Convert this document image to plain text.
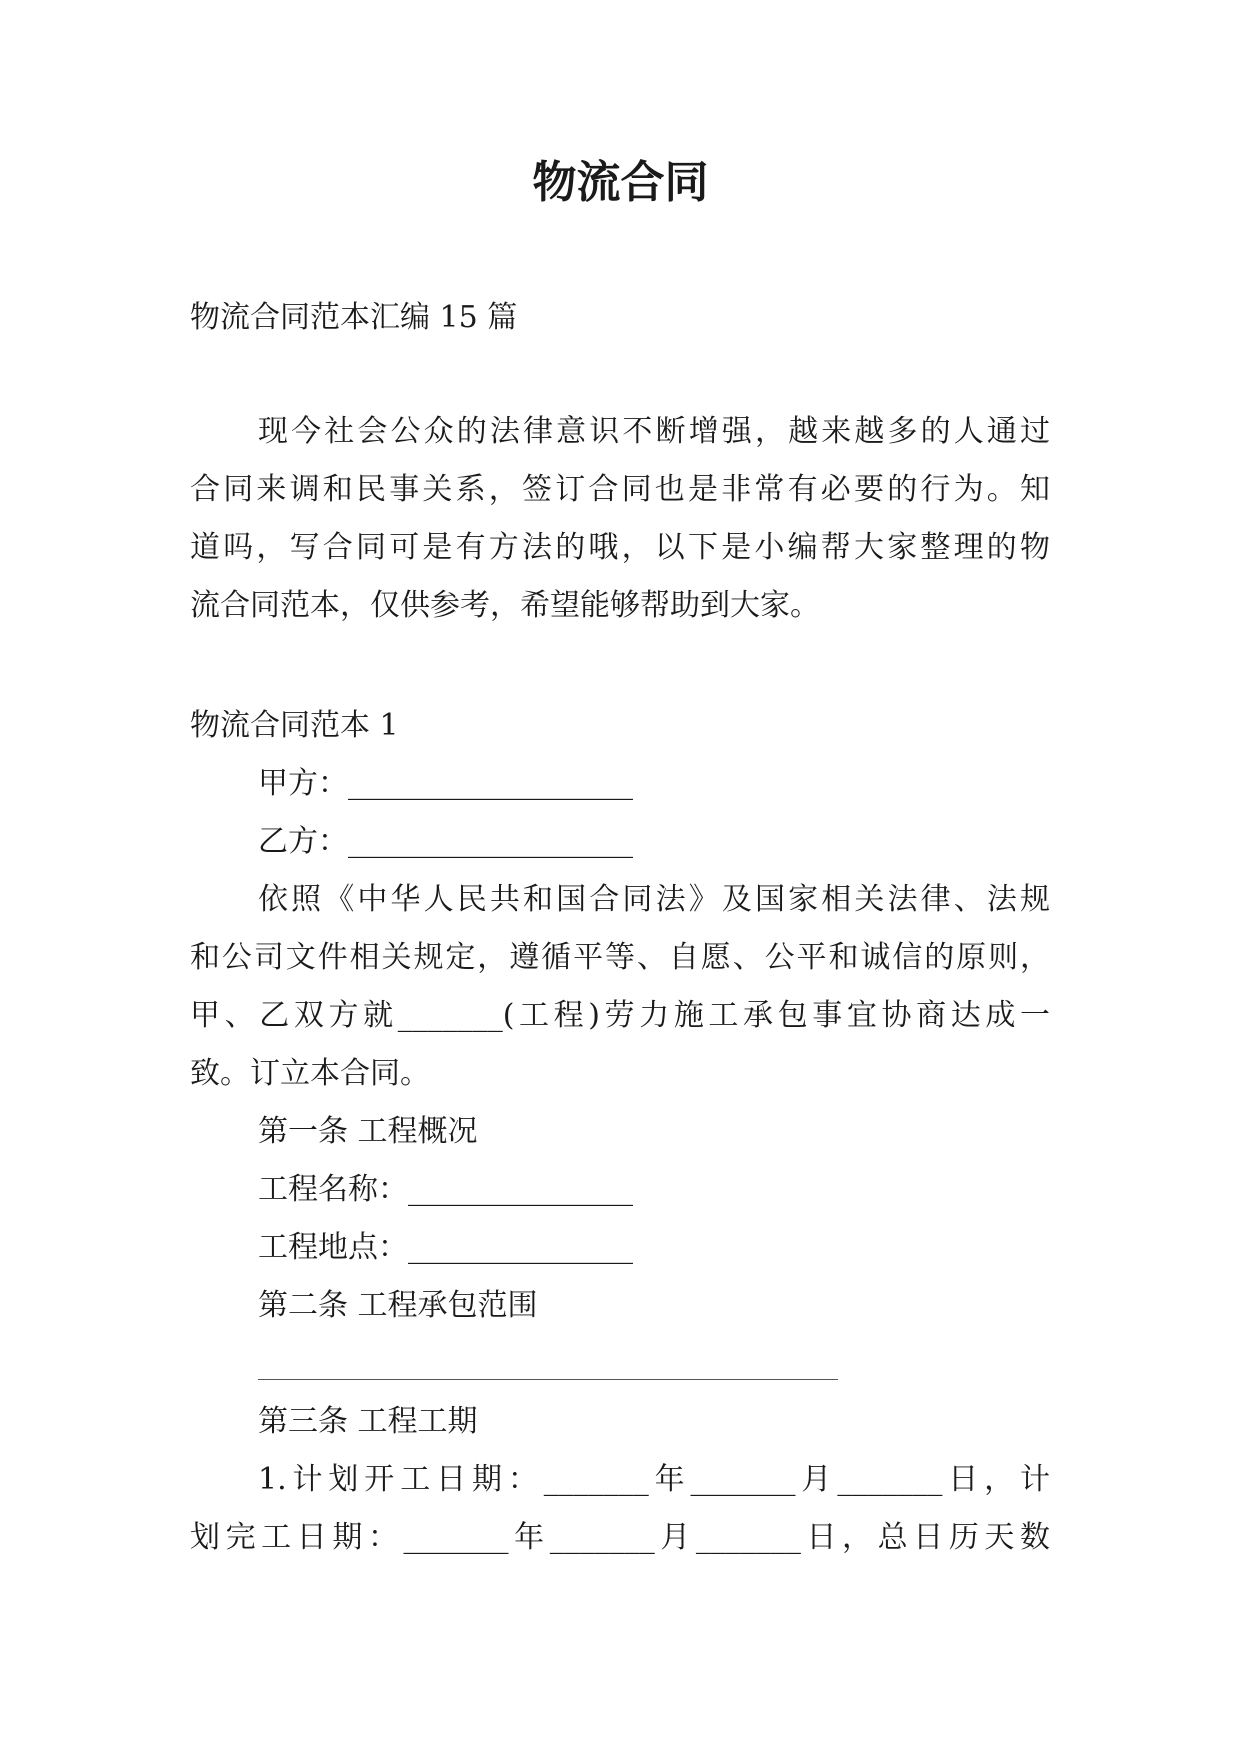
物流合同
物流合同范本汇编 15 篇
现今社会公众的法律意识不断增强，越来越多的人通过
合同来调和民事关系，签订合同也是非常有必要的行为。知
道吗，写合同可是有方法的哦，以下是小编帮大家整理的物
流合同范本，仅供参考，希望能够帮助到大家。
物流合同范本 1
甲方：___________________
乙方：___________________
依照《中华人民共和国合同法》及国家相关法律、法规
和公司文件相关规定，遵循平等、自愿、公平和诚信的原则，
甲、乙双方就_______(工程)劳力施工承包事宜协商达成一
致。订立本合同。
第一条 工程概况
工程名称：_______________
工程地点：_______________
第二条 工程承包范围
第三条 工程工期
1.计划开工日期：_______年_______月_______日，计
划完工日期：_______年_______月_______日，总日历天数
